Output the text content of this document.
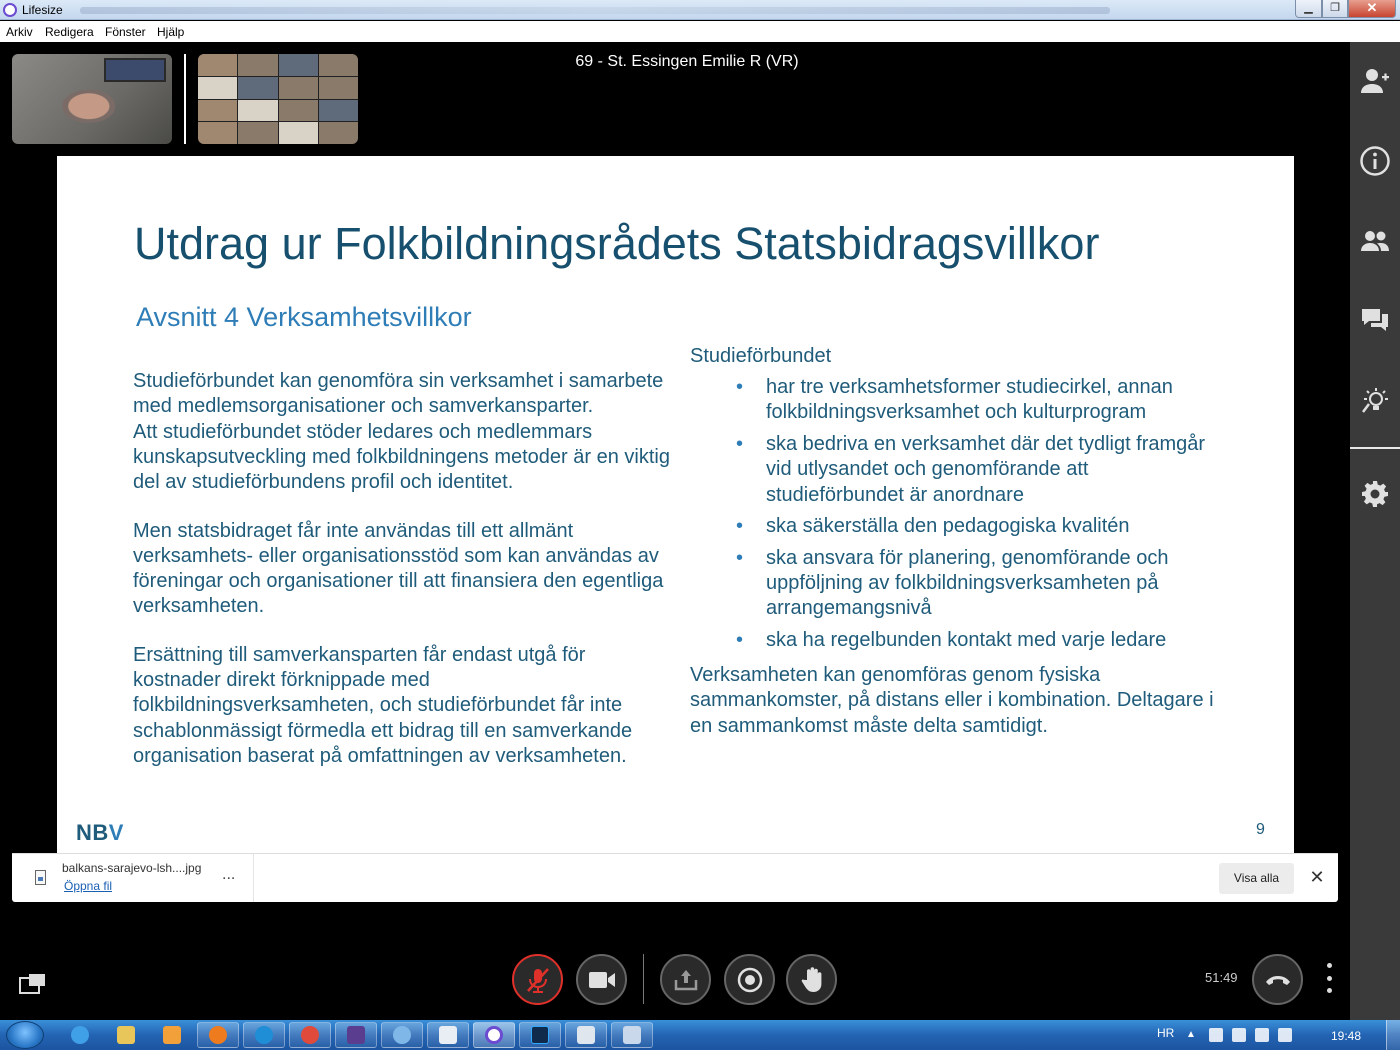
Lifesize	▁	❐	✕
Arkiv Redigera Fönster Hjälp
69 - St. Essingen Emilie R (VR)
Utdrag ur Folkbildningsrådets Statsbidragsvillkor
Avsnitt 4 Verksamhetsvillkor

Studieförbundet kan genomföra sin verksamhet i samarbete med medlemsorganisationer och samverkansparter.
Att studieförbundet stöder ledares och medlemmars kunskapsutveckling med folkbildningens metoder är en viktig del av studieförbundens profil och identitet.

Men statsbidraget får inte användas till ett allmänt verksamhets- eller organisationsstöd som kan användas av föreningar och organisationer till att finansiera den egentliga verksamheten.

Ersättning till samverkansparten får endast utgå för kostnader direkt förknippade med folkbildningsverksamheten, och studieförbundet får inte schablonmässigt förmedla ett bidrag till en samverkande organisation baserat på omfattningen av verksamheten.

Studieförbundet

• har tre verksamhetsformer studiecirkel, annan folkbildningsverksamhet och kulturprogram
• ska bedriva en verksamhet där det tydligt framgår vid utlysandet och genomförande att studieförbundet är anordnare
• ska säkerställa den pedagogiska kvalitén
• ska ansvara för planering, genomförande och uppföljning av folkbildningsverksamheten på arrangemangsnivå
• ska ha regelbunden kontakt med varje ledare

Verksamheten kan genomföras genom fysiska sammankomster, på distans eller i kombination. Deltagare i en sammankomst måste delta samtidigt.

NBV	9
balkans-sarajevo-lsh....jpg
Öppna fil
...	Visa alla	✕
51:49
HR ▲	19:48
